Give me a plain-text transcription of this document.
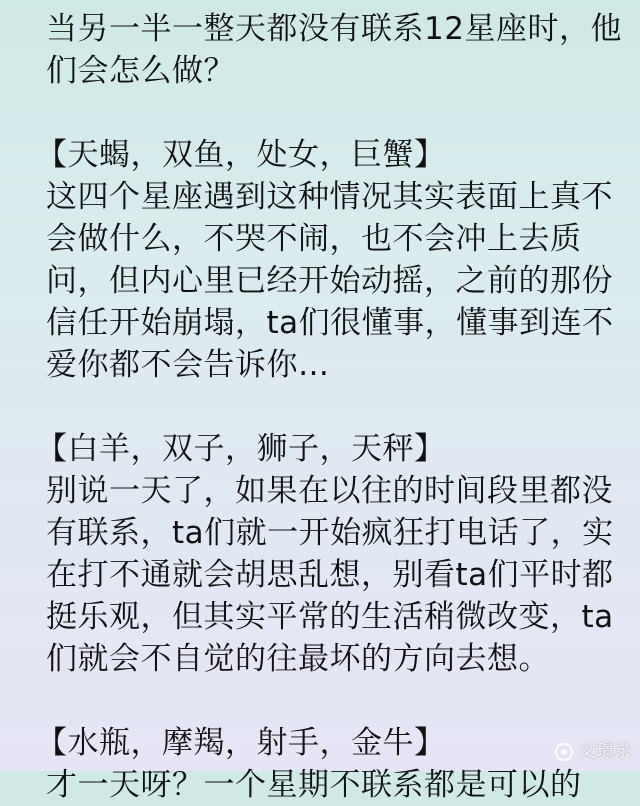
当另一半一整天都没有联系12星座时，他
们会怎么做？
【天蝎，双鱼，处女，巨蟹】
这四个星座遇到这种情况其实表面上真不
会做什么，不哭不闹，也不会冲上去质
问，但内心里已经开始动摇，之前的那份
信任开始崩塌，ta们很懂事，懂事到连不
爱你都不会告诉你…
【白羊，双子，狮子，天秤】
别说一天了，如果在以往的时间段里都没
有联系，ta们就一开始疯狂打电话了，实
在打不通就会胡思乱想，别看ta们平时都
挺乐观，但其实平常的生活稍微改变，ta
们就会不自觉的往最坏的方向去想。
【水瓶，摩羯，射手，金牛】
才一天呀？一个星期不联系都是可以的
文璟录
